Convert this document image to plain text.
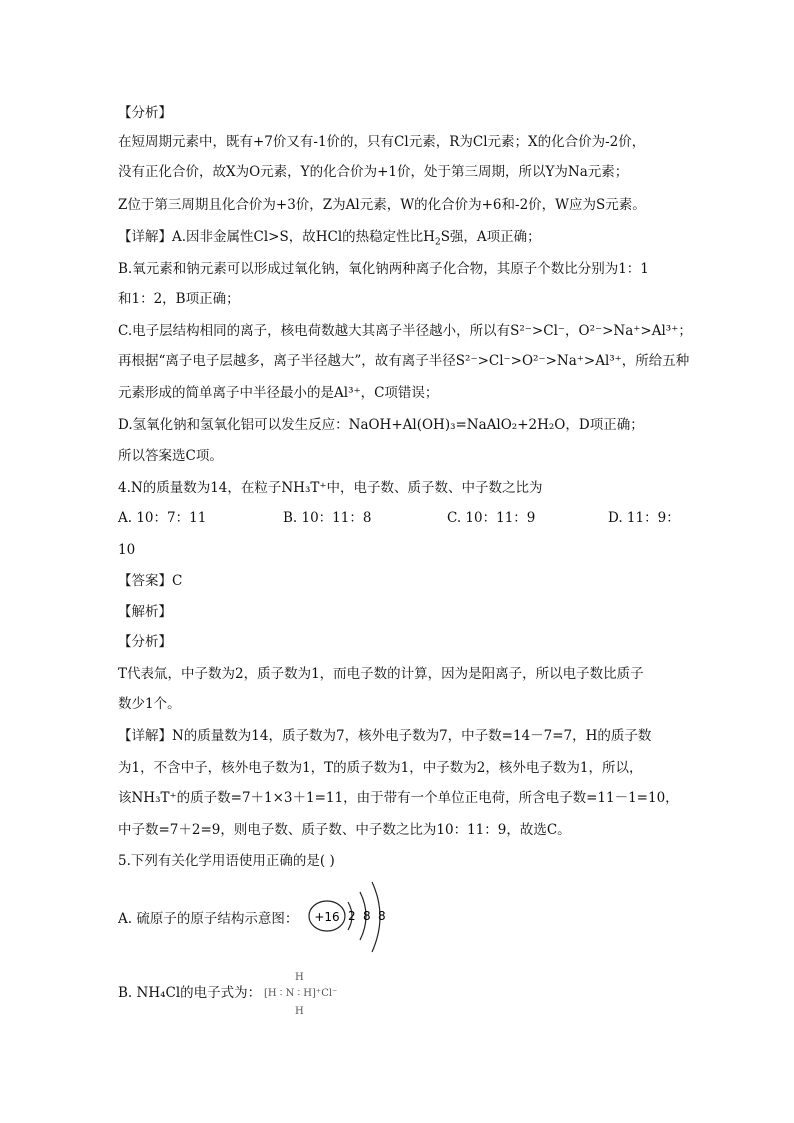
【分析】
在短周期元素中，既有+7价又有-1价的，只有Cl元素，R为Cl元素；X的化合价为-2价，
没有正化合价，故X为O元素，Y的化合价为+1价，处于第三周期，所以Y为Na元素；
Z位于第三周期且化合价为+3价，Z为Al元素，W的化合价为+6和-2价，W应为S元素。
【详解】A.因非金属性Cl>S，故HCl的热稳定性比$H_2S$强，A项正确；
B.氧元素和钠元素可以形成过氧化钠，氧化钠两种离子化合物，其原子个数比分别为1：1
和1：2，B项正确；
C.电子层结构相同的离子，核电荷数越大其离子半径越小，所以有S²⁻>Cl⁻，O²⁻>Na⁺>Al³⁺；
再根据“离子电子层越多，离子半径越大”，故有离子半径S²⁻>Cl⁻>O²⁻>Na⁺>Al³⁺，所给五种
元素形成的简单离子中半径最小的是Al³⁺，C项错误；
D.氢氧化钠和氢氧化铝可以发生反应：NaOH+Al(OH)₃=NaAlO₂+2H₂O，D项正确；
所以答案选C项。
4.N的质量数为14，在粒子NH₃T⁺中，电子数、质子数、中子数之比为
A. 10：7：11	B. 10：11：8	C. 10：11：9	D. 11：9：
10
【答案】C
【解析】
【分析】
T代表氚，中子数为2，质子数为1，而电子数的计算，因为是阳离子，所以电子数比质子
数少1个。
【详解】N的质量数为14，质子数为7，核外电子数为7，中子数=14－7=7，H的质子数
为1，不含中子，核外电子数为1，T的质子数为1，中子数为2，核外电子数为1，所以，
该NH₃T⁺的质子数=7＋1×3＋1=11，由于带有一个单位正电荷，所含电子数=11－1=10，
中子数=7＋2=9，则电子数、质子数、中子数之比为10：11：9，故选C。
5.下列有关化学用语使用正确的是( )
A. 硫原子的原子结构示意图： +16 2 8 8
B. NH₄Cl的电子式为：
H
[H ∶ N ∶ H]⁺Cl⁻
H
